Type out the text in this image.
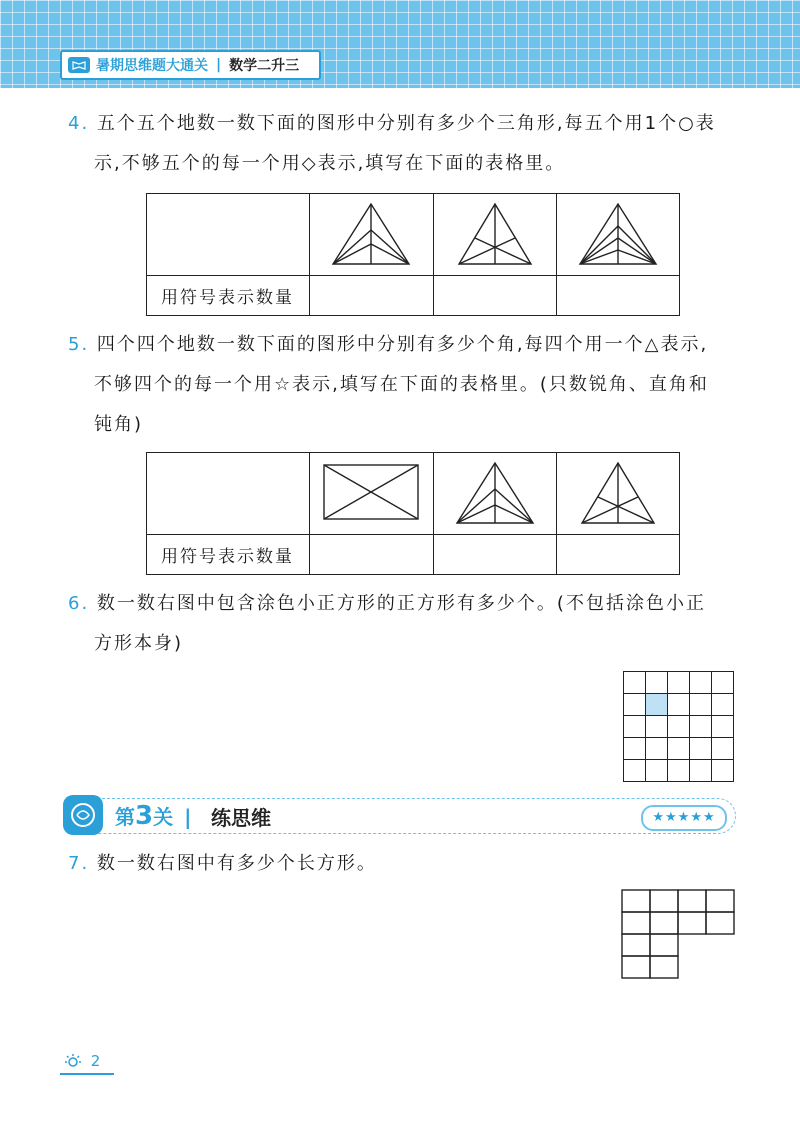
暑期思维题大通关 | 数学二升三
4. 五个五个地数一数下面的图形中分别有多少个三角形,每五个用1个○表
示,不够五个的每一个用◇表示,填写在下面的表格里。

用符号表示数量			
5. 四个四个地数一数下面的图形中分别有多少个角,每四个用一个△表示,
不够四个的每一个用☆表示,填写在下面的表格里。(只数锐角、直角和
钝角)

用符号表示数量			
6. 数一数右图中包含涂色小正方形的正方形有多少个。(不包括涂色小正
方形本身)

第3关 | 练思维	★★★★★
7. 数一数右图中有多少个长方形。
2
